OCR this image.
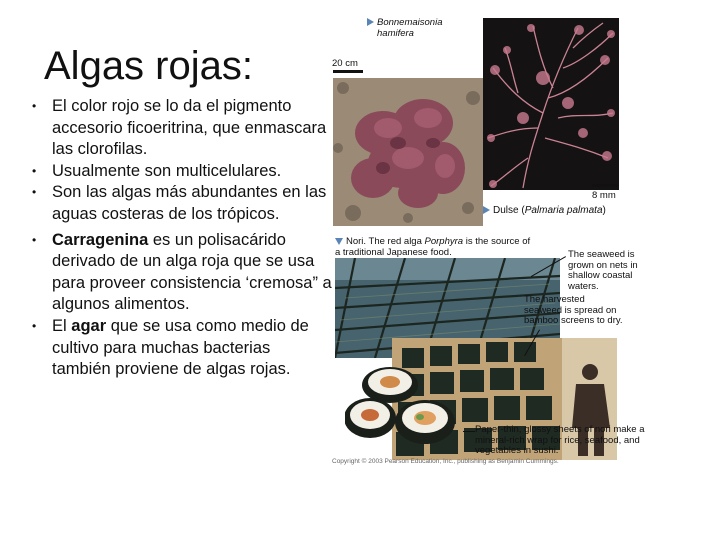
Algas rojas:
• El color rojo se lo da el pigmento accesorio ficoeritrina, que enmascara las clorofilas.
• Usualmente son multicelulares.
• Son las algas más abundantes en las aguas costeras de los trópicos.
• Carragenina es un polisacárido derivado de un alga roja que se usa para proveer consistencia ‘cremosa” a algunos alimentos.
• El agar que se usa como medio de cultivo para muchas bacterias también proviene de algas rojas.
Bonnemaisonia
hamifera
8 mm
20 cm
Dulse (Palmaria palmata)
Nori. The red alga Porphyra is the source of a traditional Japanese food.	The seaweed is grown on nets in shallow coastal waters.
The harvested seaweed is spread on bamboo screens to dry.
Paper-thin, glossy sheets of nori make a mineral-rich wrap for rice, seafood, and vegetables in sushi.
Copyright © 2003 Pearson Education, Inc., publishing as Benjamin Cummings.
